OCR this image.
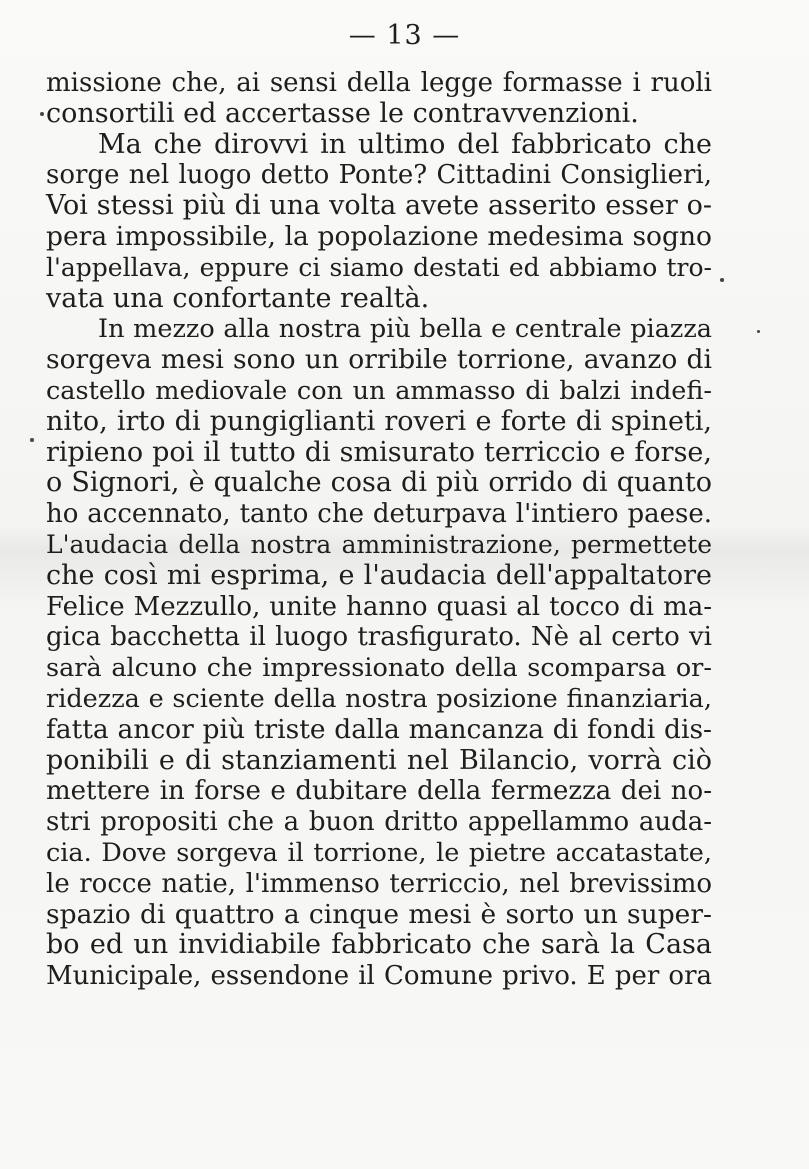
— 13 —
missione che, ai sensi della legge formasse i ruoli
consortili ed accertasse le contravvenzioni.
Ma che dirovvi in ultimo del fabbricato che
sorge nel luogo detto Ponte? Cittadini Consiglieri,
Voi stessi più di una volta avete asserito esser o-
pera impossibile, la popolazione medesima sogno
l'appellava, eppure ci siamo destati ed abbiamo tro-
vata una confortante realtà.
In mezzo alla nostra più bella e centrale piazza
sorgeva mesi sono un orribile torrione, avanzo di
castello mediovale con un ammasso di balzi indefi-
nito, irto di pungiglianti roveri e forte di spineti,
ripieno poi il tutto di smisurato terriccio e forse,
o Signori, è qualche cosa di più orrido di quanto
ho accennato, tanto che deturpava l'intiero paese.
L'audacia della nostra amministrazione, permettete
che così mi esprima, e l'audacia dell'appaltatore
Felice Mezzullo, unite hanno quasi al tocco di ma-
gica bacchetta il luogo trasfigurato. Nè al certo vi
sarà alcuno che impressionato della scomparsa or-
ridezza e sciente della nostra posizione finanziaria,
fatta ancor più triste dalla mancanza di fondi dis-
ponibili e di stanziamenti nel Bilancio, vorrà ciò
mettere in forse e dubitare della fermezza dei no-
stri propositi che a buon dritto appellammo auda-
cia. Dove sorgeva il torrione, le pietre accatastate,
le rocce natie, l'immenso terriccio, nel brevissimo
spazio di quattro a cinque mesi è sorto un super-
bo ed un invidiabile fabbricato che sarà la Casa
Municipale, essendone il Comune privo. E per ora
